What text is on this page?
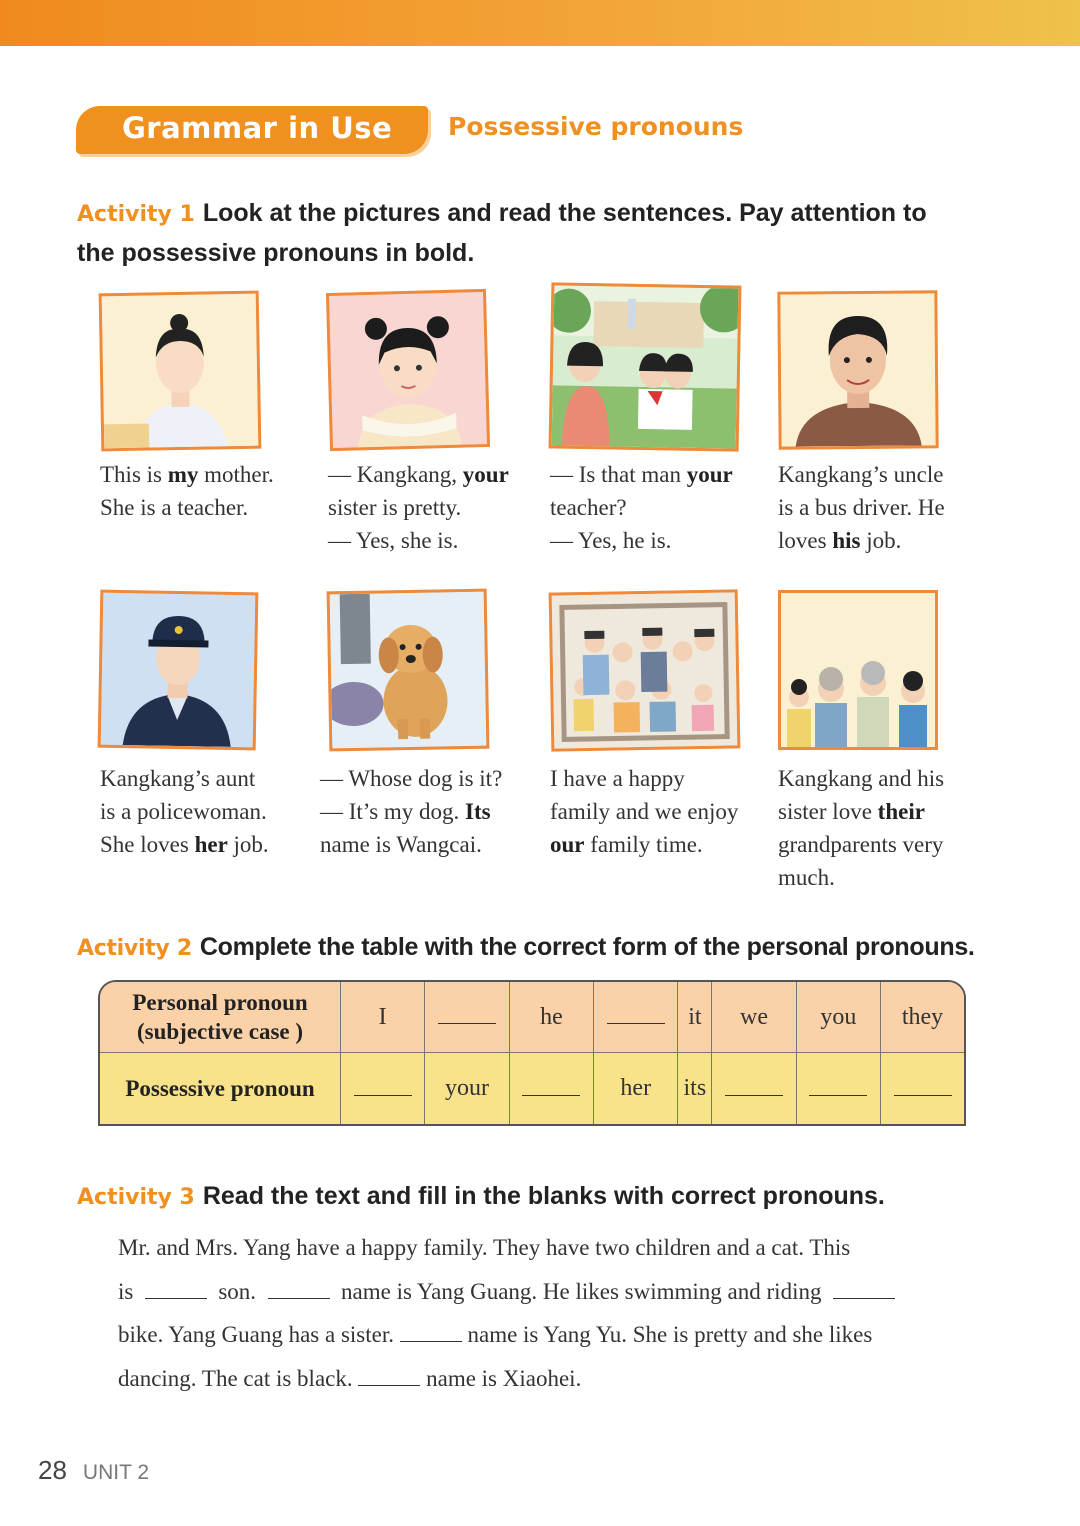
Grammar in Use Possessive pronouns
Activity 1 Look at the pictures and read the sentences. Pay attention to
the possessive pronouns in bold.
This is my mother.
She is a teacher.
— Kangkang, your
sister is pretty.
— Yes, she is.
— Is that man your
teacher?
— Yes, he is.
Kangkang’s uncle
is a bus driver. He
loves his job.
Kangkang’s aunt
is a policewoman.
She loves her job.
— Whose dog is it?
— It’s my dog. Its
name is Wangcai.
I have a happy
family and we enjoy
our family time.
Kangkang and his
sister love their
grandparents very
much.
Activity 2 Complete the table with the correct form of the personal pronouns.
Personal pronoun
(subjective case )	I		he		it	we	you	they
Possessive pronoun		your		her	its			
Activity 3 Read the text and fill in the blanks with correct pronouns.
Mr. and Mrs. Yang have a happy family. They have two children and a cat. This
is	son.	name is Yang Guang. He likes swimming and riding
bike. Yang Guang has a sister.	name is Yang Yu. She is pretty and she likes
dancing. The cat is black.	name is Xiaohei.
28 UNIT 2
